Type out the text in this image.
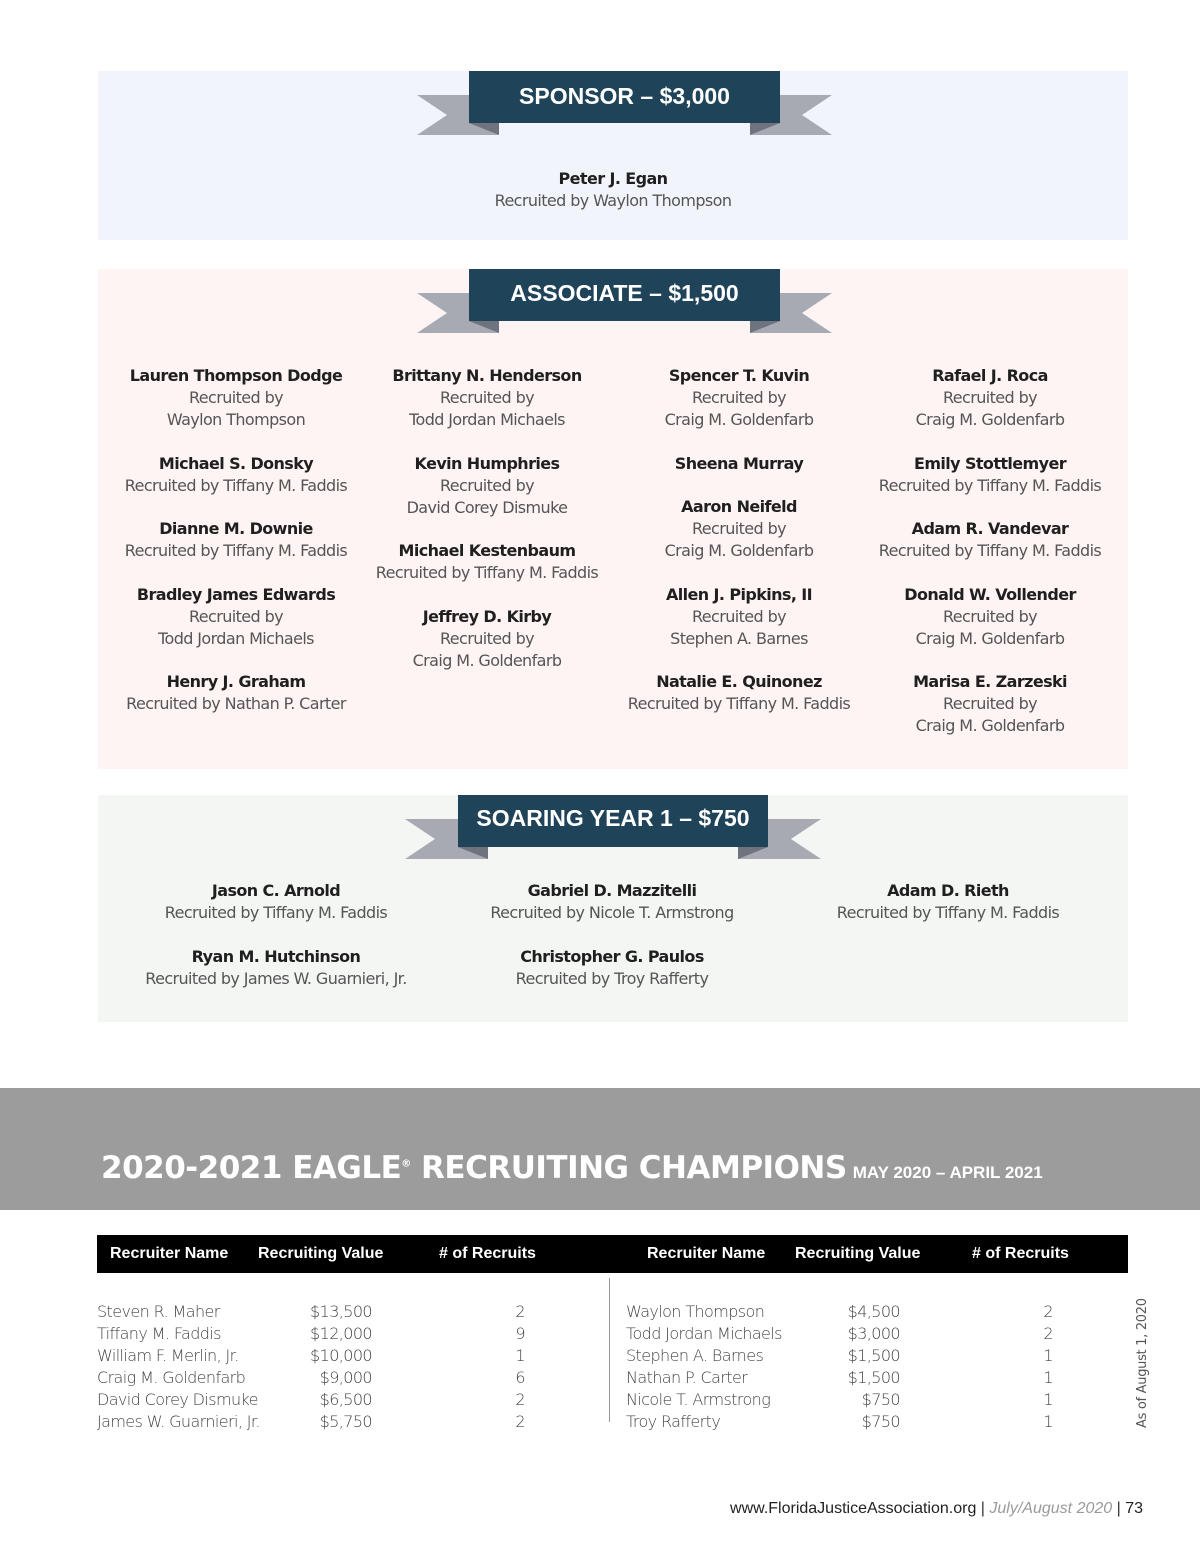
SPONSOR – $3,000
Peter J. Egan
Recruited by Waylon Thompson
ASSOCIATE – $1,500
Lauren Thompson Dodge
Recruited by
Waylon Thompson
Michael S. Donsky
Recruited by Tiffany M. Faddis
Dianne M. Downie
Recruited by Tiffany M. Faddis
Bradley James Edwards
Recruited by
Todd Jordan Michaels
Henry J. Graham
Recruited by Nathan P. Carter
Brittany N. Henderson
Recruited by
Todd Jordan Michaels
Kevin Humphries
Recruited by
David Corey Dismuke
Michael Kestenbaum
Recruited by Tiffany M. Faddis
Jeffrey D. Kirby
Recruited by
Craig M. Goldenfarb
Spencer T. Kuvin
Recruited by
Craig M. Goldenfarb
Sheena Murray
Aaron Neifeld
Recruited by
Craig M. Goldenfarb
Allen J. Pipkins, II
Recruited by
Stephen A. Barnes
Natalie E. Quinonez
Recruited by Tiffany M. Faddis
Rafael J. Roca
Recruited by
Craig M. Goldenfarb
Emily Stottlemyer
Recruited by Tiffany M. Faddis
Adam R. Vandevar
Recruited by Tiffany M. Faddis
Donald W. Vollender
Recruited by
Craig M. Goldenfarb
Marisa E. Zarzeski
Recruited by
Craig M. Goldenfarb
SOARING YEAR 1 – $750
Jason C. Arnold
Recruited by Tiffany M. Faddis
Gabriel D. Mazzitelli
Recruited by Nicole T. Armstrong
Adam D. Rieth
Recruited by Tiffany M. Faddis
Ryan M. Hutchinson
Recruited by James W. Guarnieri, Jr.
Christopher G. Paulos
Recruited by Troy Rafferty
2020-2021 EAGLE® RECRUITING CHAMPIONS MAY 2020 – APRIL 2021
Recruiter Name Recruiting Value	# of Recruits	Recruiter Name Recruiting Value	# of Recruits
Steven R. Maher	$13,500	2
Tiffany M. Faddis	$12,000	9
William F. Merlin, Jr.	$10,000	1
Craig M. Goldenfarb	$9,000	6
David Corey Dismuke	$6,500	2
James W. Guarnieri, Jr.	$5,750	2
Waylon Thompson	$4,500	2
Todd Jordan Michaels	$3,000	2
Stephen A. Barnes	$1,500	1
Nathan P. Carter	$1,500	1
Nicole T. Armstrong	$750	1
Troy Rafferty	$750	1	As of August 1, 2020
www.FloridaJusticeAssociation.org | July/August 2020 | 73
